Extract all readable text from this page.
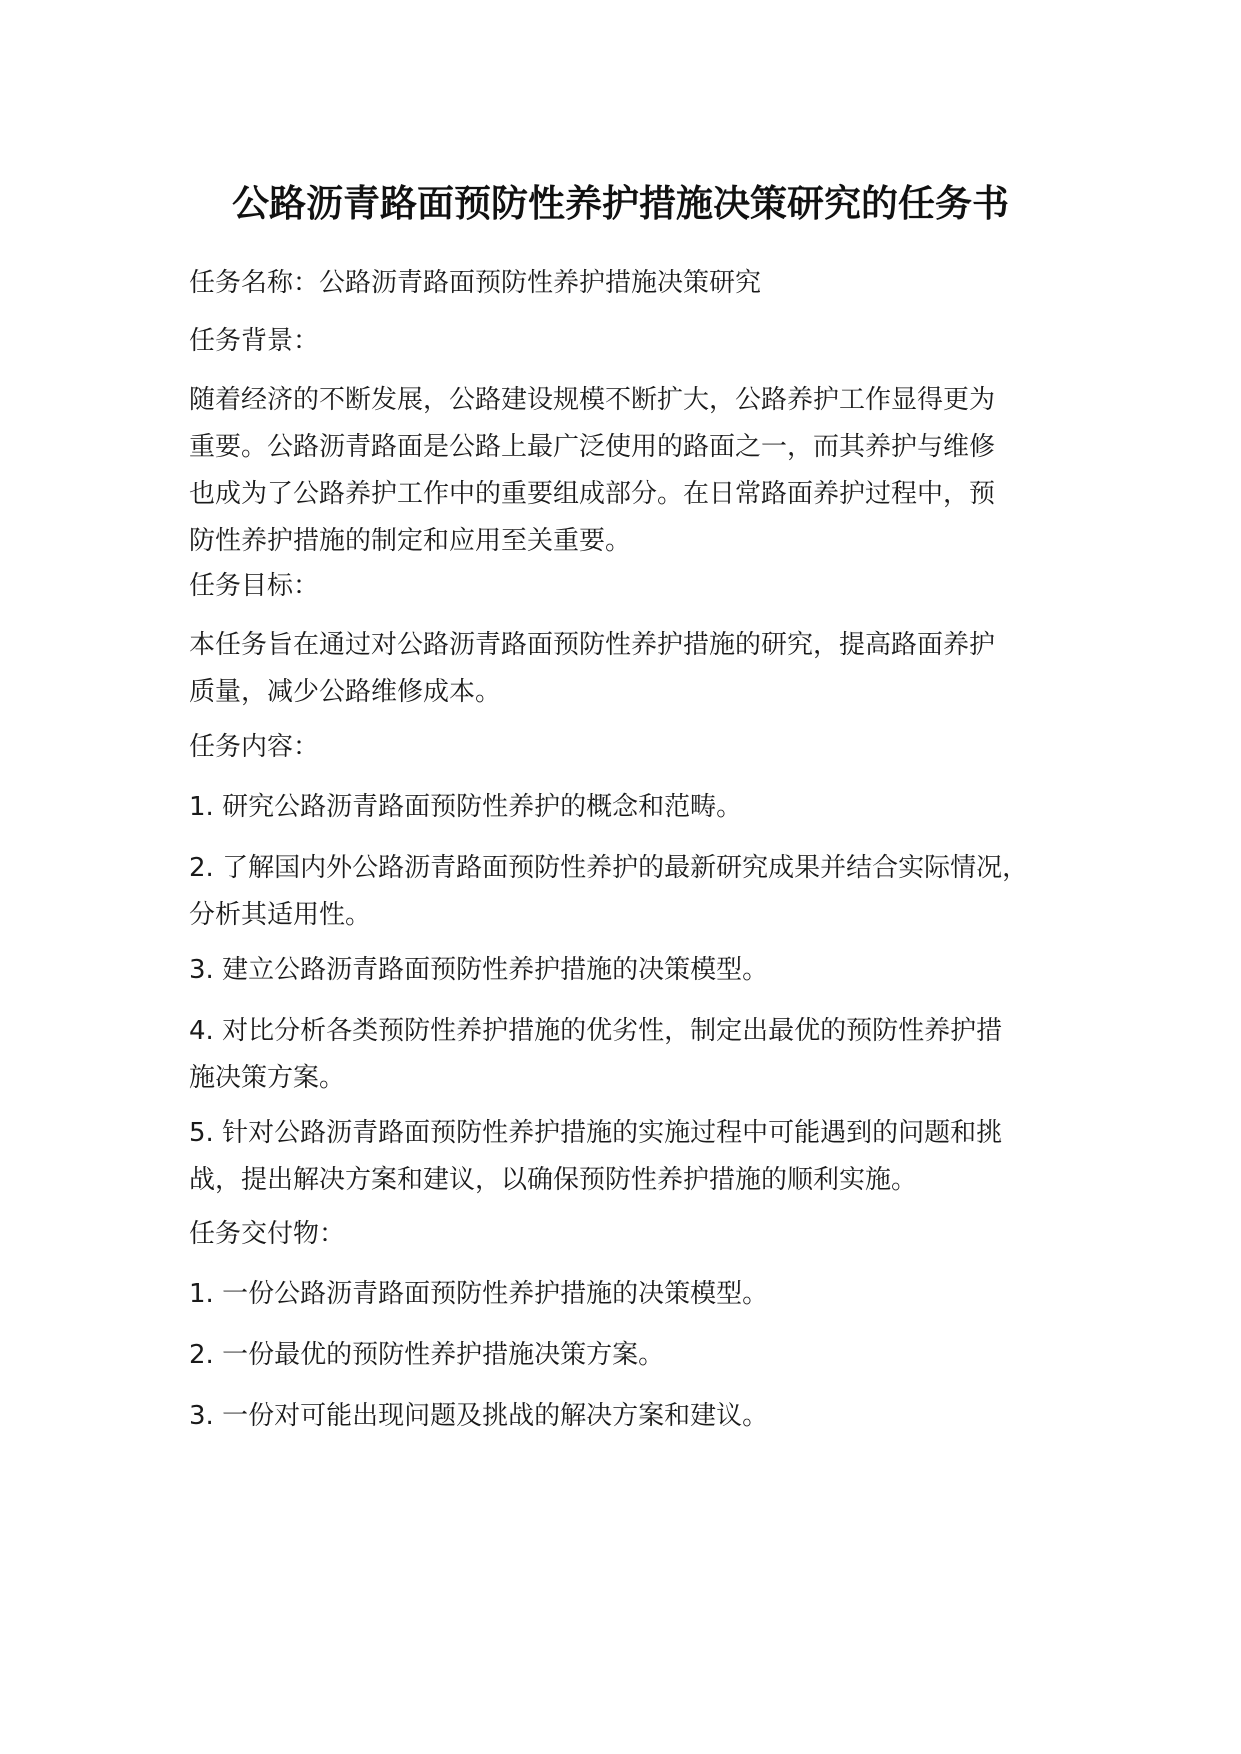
公路沥青路面预防性养护措施决策研究的任务书

任务名称：公路沥青路面预防性养护措施决策研究

任务背景：

随着经济的不断发展，公路建设规模不断扩大，公路养护工作显得更为
重要。公路沥青路面是公路上最广泛使用的路面之一，而其养护与维修
也成为了公路养护工作中的重要组成部分。在日常路面养护过程中，预
防性养护措施的制定和应用至关重要。

任务目标：

本任务旨在通过对公路沥青路面预防性养护措施的研究，提高路面养护
质量，减少公路维修成本。

任务内容：

1. 研究公路沥青路面预防性养护的概念和范畴。

2. 了解国内外公路沥青路面预防性养护的最新研究成果并结合实际情况，
分析其适用性。

3. 建立公路沥青路面预防性养护措施的决策模型。

4. 对比分析各类预防性养护措施的优劣性，制定出最优的预防性养护措
施决策方案。

5. 针对公路沥青路面预防性养护措施的实施过程中可能遇到的问题和挑
战，提出解决方案和建议，以确保预防性养护措施的顺利实施。

任务交付物：

1. 一份公路沥青路面预防性养护措施的决策模型。

2. 一份最优的预防性养护措施决策方案。

3. 一份对可能出现问题及挑战的解决方案和建议。
